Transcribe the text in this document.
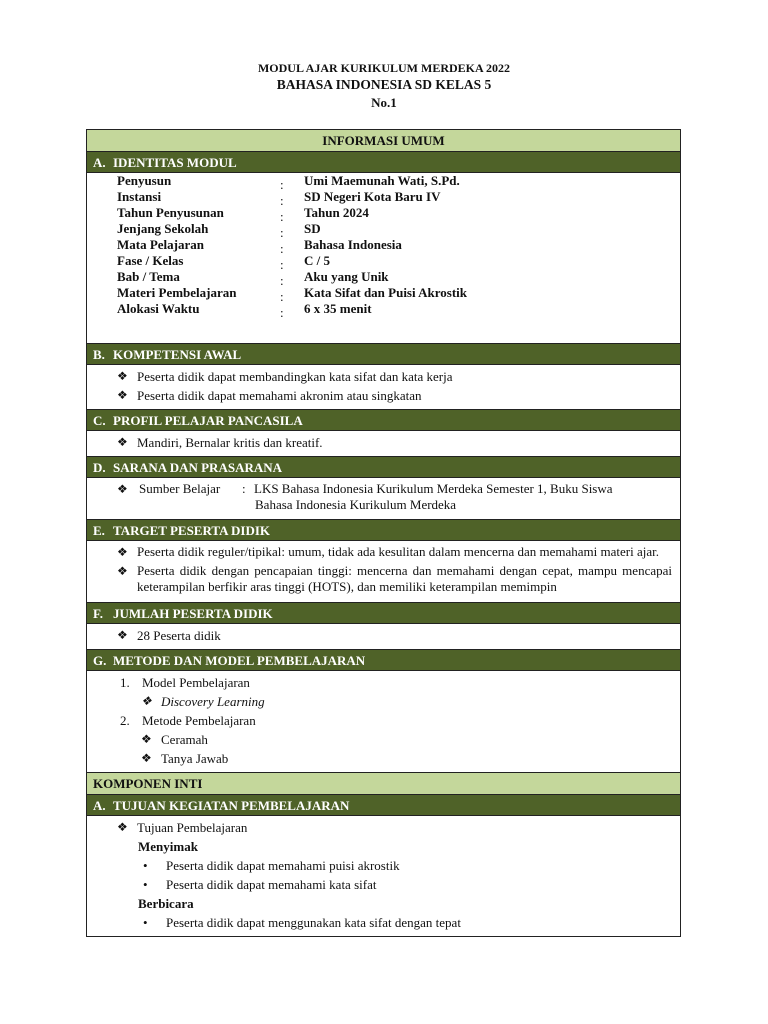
MODUL AJAR KURIKULUM MERDEKA 2022
BAHASA INDONESIA SD KELAS 5
No.1
INFORMASI UMUM
A. IDENTITAS MODUL
Penyusun	: Umi Maemunah Wati, S.Pd.
Instansi	: SD Negeri Kota Baru IV
Tahun Penyusunan	: Tahun 2024
Jenjang Sekolah	: SD
Mata Pelajaran	: Bahasa Indonesia
Fase / Kelas	: C / 5
Bab / Tema	: Aku yang Unik
Materi Pembelajaran	: Kata Sifat dan Puisi Akrostik
Alokasi Waktu	: 6 x 35 menit
B. KOMPETENSI AWAL
❖ Peserta didik dapat membandingkan kata sifat dan kata kerja
❖ Peserta didik dapat memahami akronim atau singkatan
C. PROFIL PELAJAR PANCASILA
❖ Mandiri, Bernalar kritis dan kreatif.
D. SARANA DAN PRASARANA
❖ Sumber Belajar : LKS Bahasa Indonesia Kurikulum Merdeka Semester 1, Buku Siswa
Bahasa Indonesia Kurikulum Merdeka
E. TARGET PESERTA DIDIK
❖ Peserta didik reguler/tipikal: umum, tidak ada kesulitan dalam mencerna dan memahami materi ajar.
❖ Peserta didik dengan pencapaian tinggi: mencerna dan memahami dengan cepat, mampu mencapai keterampilan berfikir aras tinggi (HOTS), dan memiliki keterampilan memimpin
F. JUMLAH PESERTA DIDIK
❖ 28 Peserta didik
G. METODE DAN MODEL PEMBELAJARAN
1. Model Pembelajaran
❖ Discovery Learning
2. Metode Pembelajaran
❖ Ceramah
❖ Tanya Jawab
KOMPONEN INTI
A. TUJUAN KEGIATAN PEMBELAJARAN
❖ Tujuan Pembelajaran
Menyimak
• Peserta didik dapat memahami puisi akrostik
• Peserta didik dapat memahami kata sifat
Berbicara
• Peserta didik dapat menggunakan kata sifat dengan tepat
